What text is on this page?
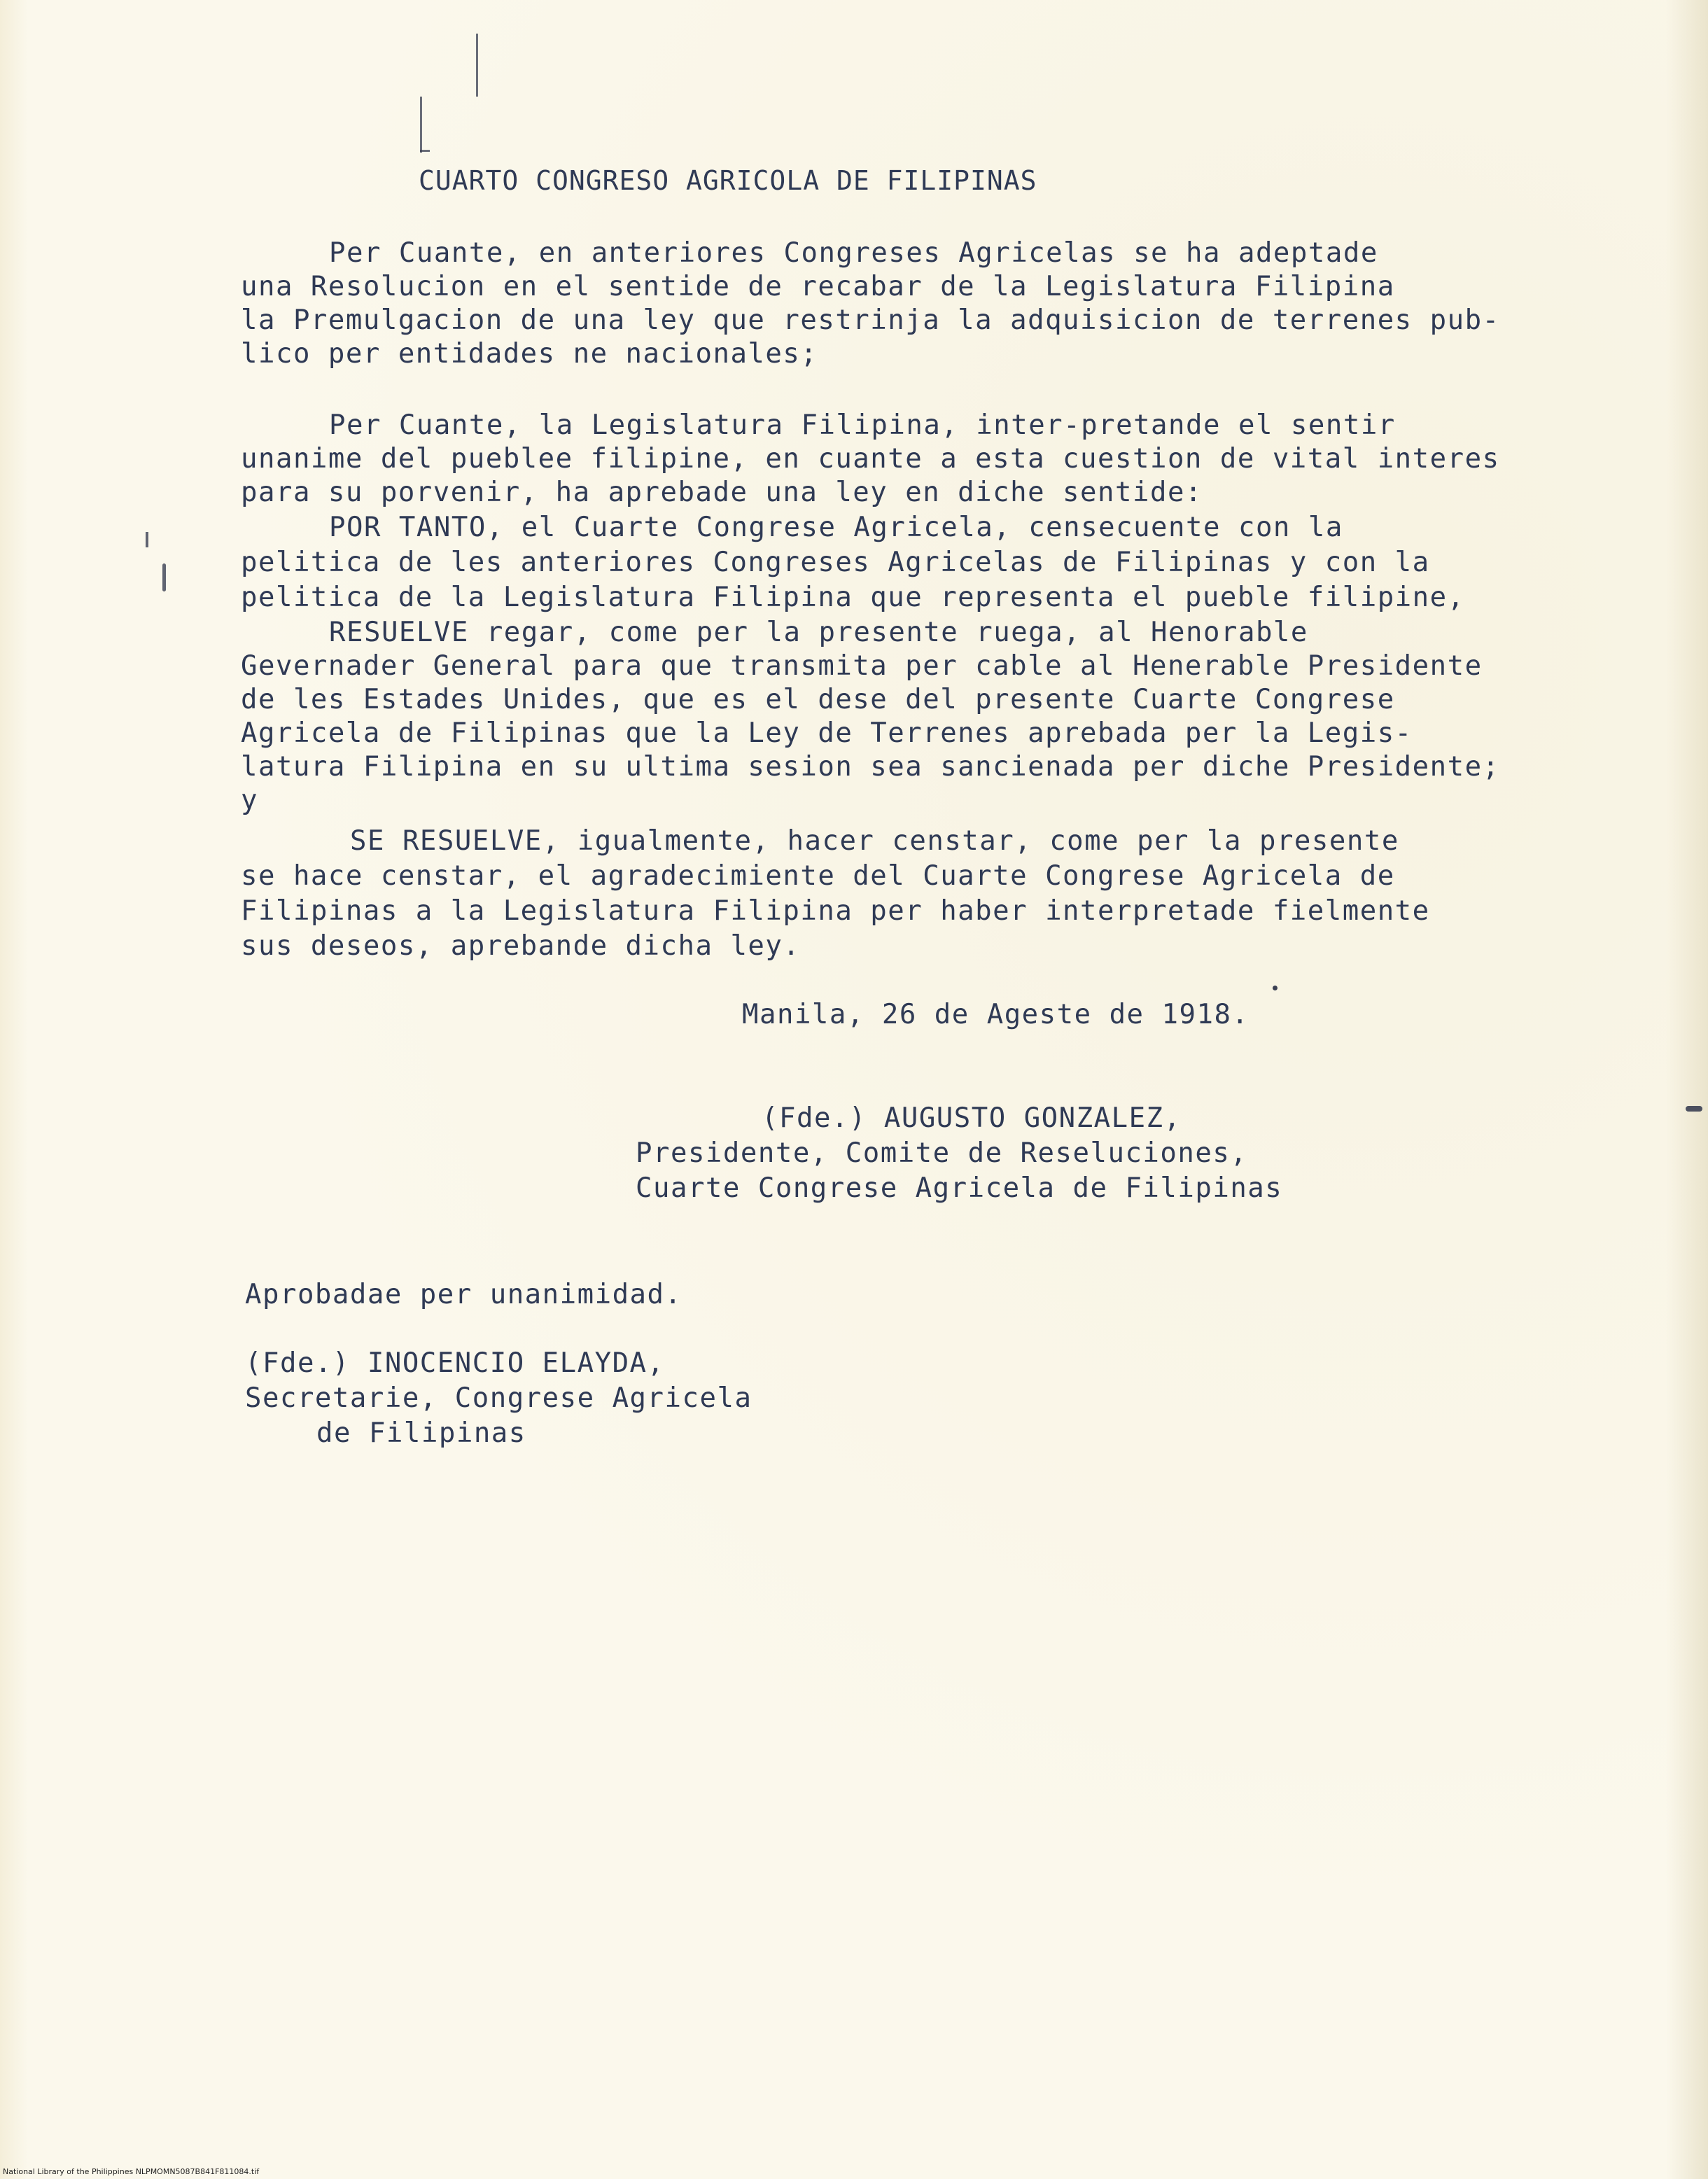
CUARTO CONGRESO AGRICOLA DE FILIPINAS
Per Cuante, en anteriores Congreses Agricelas se ha adeptade
una Resolucion en el sentide de recabar de la Legislatura Filipina
la Premulgacion de una ley que restrinja la adquisicion de terrenes pub-
lico per entidades ne nacionales;
Per Cuante, la Legislatura Filipina, inter-pretande el sentir
unanime del pueblee filipine, en cuante a esta cuestion de vital interes
para su porvenir, ha aprebade una ley en diche sentide:
POR TANTO, el Cuarte Congrese Agricela, censecuente con la
pelitica de les anteriores Congreses Agricelas de Filipinas y con la
pelitica de la Legislatura Filipina que representa el pueble filipine,
RESUELVE regar, come per la presente ruega, al Henorable
Gevernader General para que transmita per cable al Henerable Presidente
de les Estades Unides, que es el dese del presente Cuarte Congrese
Agricela de Filipinas que la Ley de Terrenes aprebada per la Legis-
latura Filipina en su ultima sesion sea sancienada per diche Presidente;
y
SE RESUELVE, igualmente, hacer censtar, come per la presente
se hace censtar, el agradecimiente del Cuarte Congrese Agricela de
Filipinas a la Legislatura Filipina per haber interpretade fielmente
sus deseos, aprebande dicha ley.
Manila, 26 de Ageste de 1918.
(Fde.) AUGUSTO GONZALEZ,
Presidente, Comite de Reseluciones,
Cuarte Congrese Agricela de Filipinas
Aprobadae per unanimidad.
(Fde.) INOCENCIO ELAYDA,
Secretarie, Congrese Agricela
de Filipinas
National Library of the Philippines NLPMOMN5087B841F811084.tif
